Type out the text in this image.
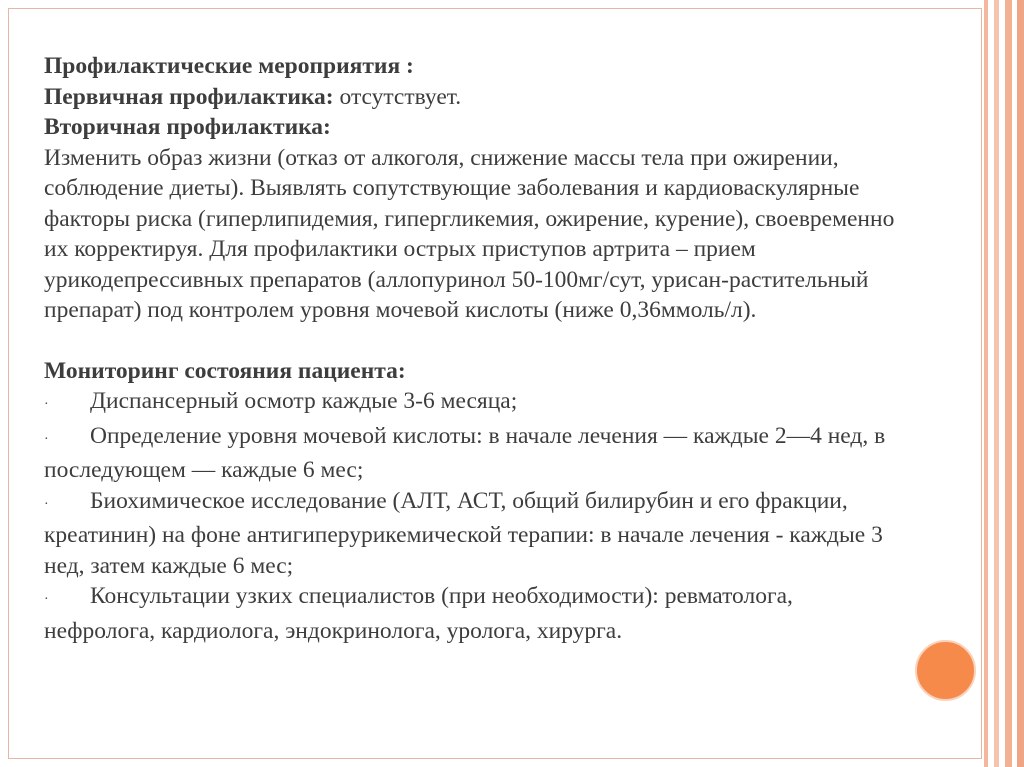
Профилактические мероприятия :
Первичная профилактика: отсутствует.
Вторичная профилактика:
Изменить образ жизни (отказ от алкоголя, снижение массы тела при ожирении,
соблюдение диеты). Выявлять сопутствующие заболевания и кардиоваскулярные
факторы риска (гиперлипидемия, гипергликемия, ожирение, курение), своевременно
их корректируя. Для профилактики острых приступов артрита – прием
урикодепрессивных препаратов (аллопуринол 50-100мг/сут, урисан-растительный
препарат) под контролем уровня мочевой кислоты (ниже 0,36ммоль/л).
Мониторинг состояния пациента:
· Диспансерный осмотр каждые 3-6 месяца;
· Определение уровня мочевой кислоты: в начале лечения — каждые 2—4 нед, в
последующем — каждые 6 мес;
· Биохимическое исследование (АЛТ, АСТ, общий билирубин и его фракции,
креатинин) на фоне антигиперурикемической терапии: в начале лечения - каждые 3
нед, затем каждые 6 мес;
· Консультации узких специалистов (при необходимости): ревматолога,
нефролога, кардиолога, эндокринолога, уролога, хирурга.
